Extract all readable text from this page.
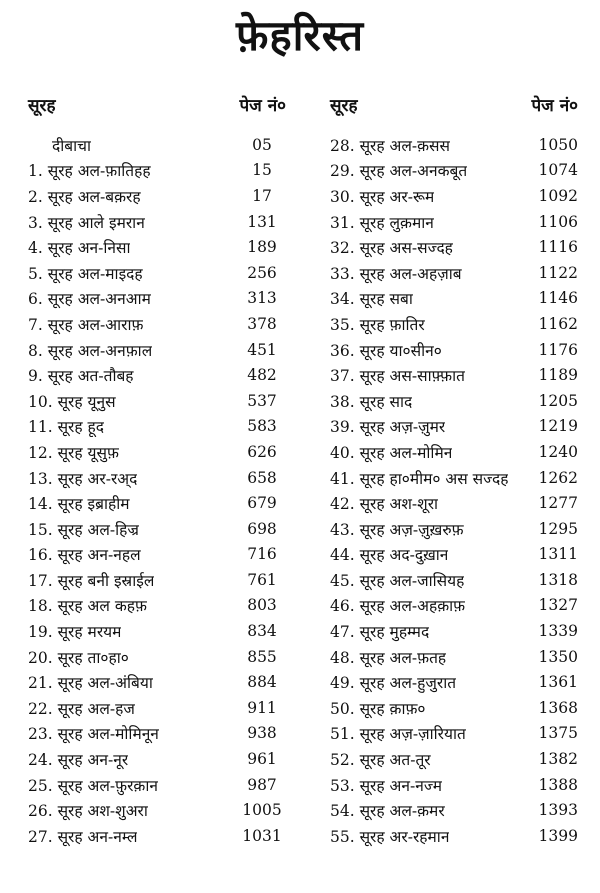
फ़ेहरिस्त
सूरह	पेज नं०
दीबाचा	05
1. सूरह अल-फ़ातिहह	15
2. सूरह अल-बक़रह	17
3. सूरह आले इमरान	131
4. सूरह अन-निसा	189
5. सूरह अल-माइदह	256
6. सूरह अल-अनआम	313
7. सूरह अल-आराफ़	378
8. सूरह अल-अनफ़ाल	451
9. सूरह अत-तौबह	482
10. सूरह यूनुस	537
11. सूरह हूद	583
12. सूरह यूसुफ़	626
13. सूरह अर-रअ्द	658
14. सूरह इब्राहीम	679
15. सूरह अल-हिज्र	698
16. सूरह अन-नहल	716
17. सूरह बनी इस्राईल	761
18. सूरह अल कहफ़	803
19. सूरह मरयम	834
20. सूरह ता०हा०	855
21. सूरह अल-अंबिया	884
22. सूरह अल-हज	911
23. सूरह अल-मोमिनून	938
24. सूरह अन-नूर	961
25. सूरह अल-फ़ुरक़ान	987
26. सूरह अश-शुअरा	1005
27. सूरह अन-नम्ल	1031
सूरह	पेज नं०
28. सूरह अल-क़सस	1050
29. सूरह अल-अनकबूत	1074
30. सूरह अर-रूम	1092
31. सूरह लुक़मान	1106
32. सूरह अस-सज्दह	1116
33. सूरह अल-अहज़ाब	1122
34. सूरह सबा	1146
35. सूरह फ़ातिर	1162
36. सूरह या०सीन०	1176
37. सूरह अस-साफ़्फ़ात	1189
38. सूरह साद	1205
39. सूरह अज़-ज़ुमर	1219
40. सूरह अल-मोमिन	1240
41. सूरह हा०मीम० अस सज्दह	1262
42. सूरह अश-शूरा	1277
43. सूरह अज़-ज़ुख़रुफ़	1295
44. सूरह अद-दुख़ान	1311
45. सूरह अल-जासियह	1318
46. सूरह अल-अहक़ाफ़	1327
47. सूरह मुहम्मद	1339
48. सूरह अल-फ़तह	1350
49. सूरह अल-हुजुरात	1361
50. सूरह क़ाफ़०	1368
51. सूरह अज़-ज़ारियात	1375
52. सूरह अत-तूर	1382
53. सूरह अन-नज्म	1388
54. सूरह अल-क़मर	1393
55. सूरह अर-रहमान	1399
